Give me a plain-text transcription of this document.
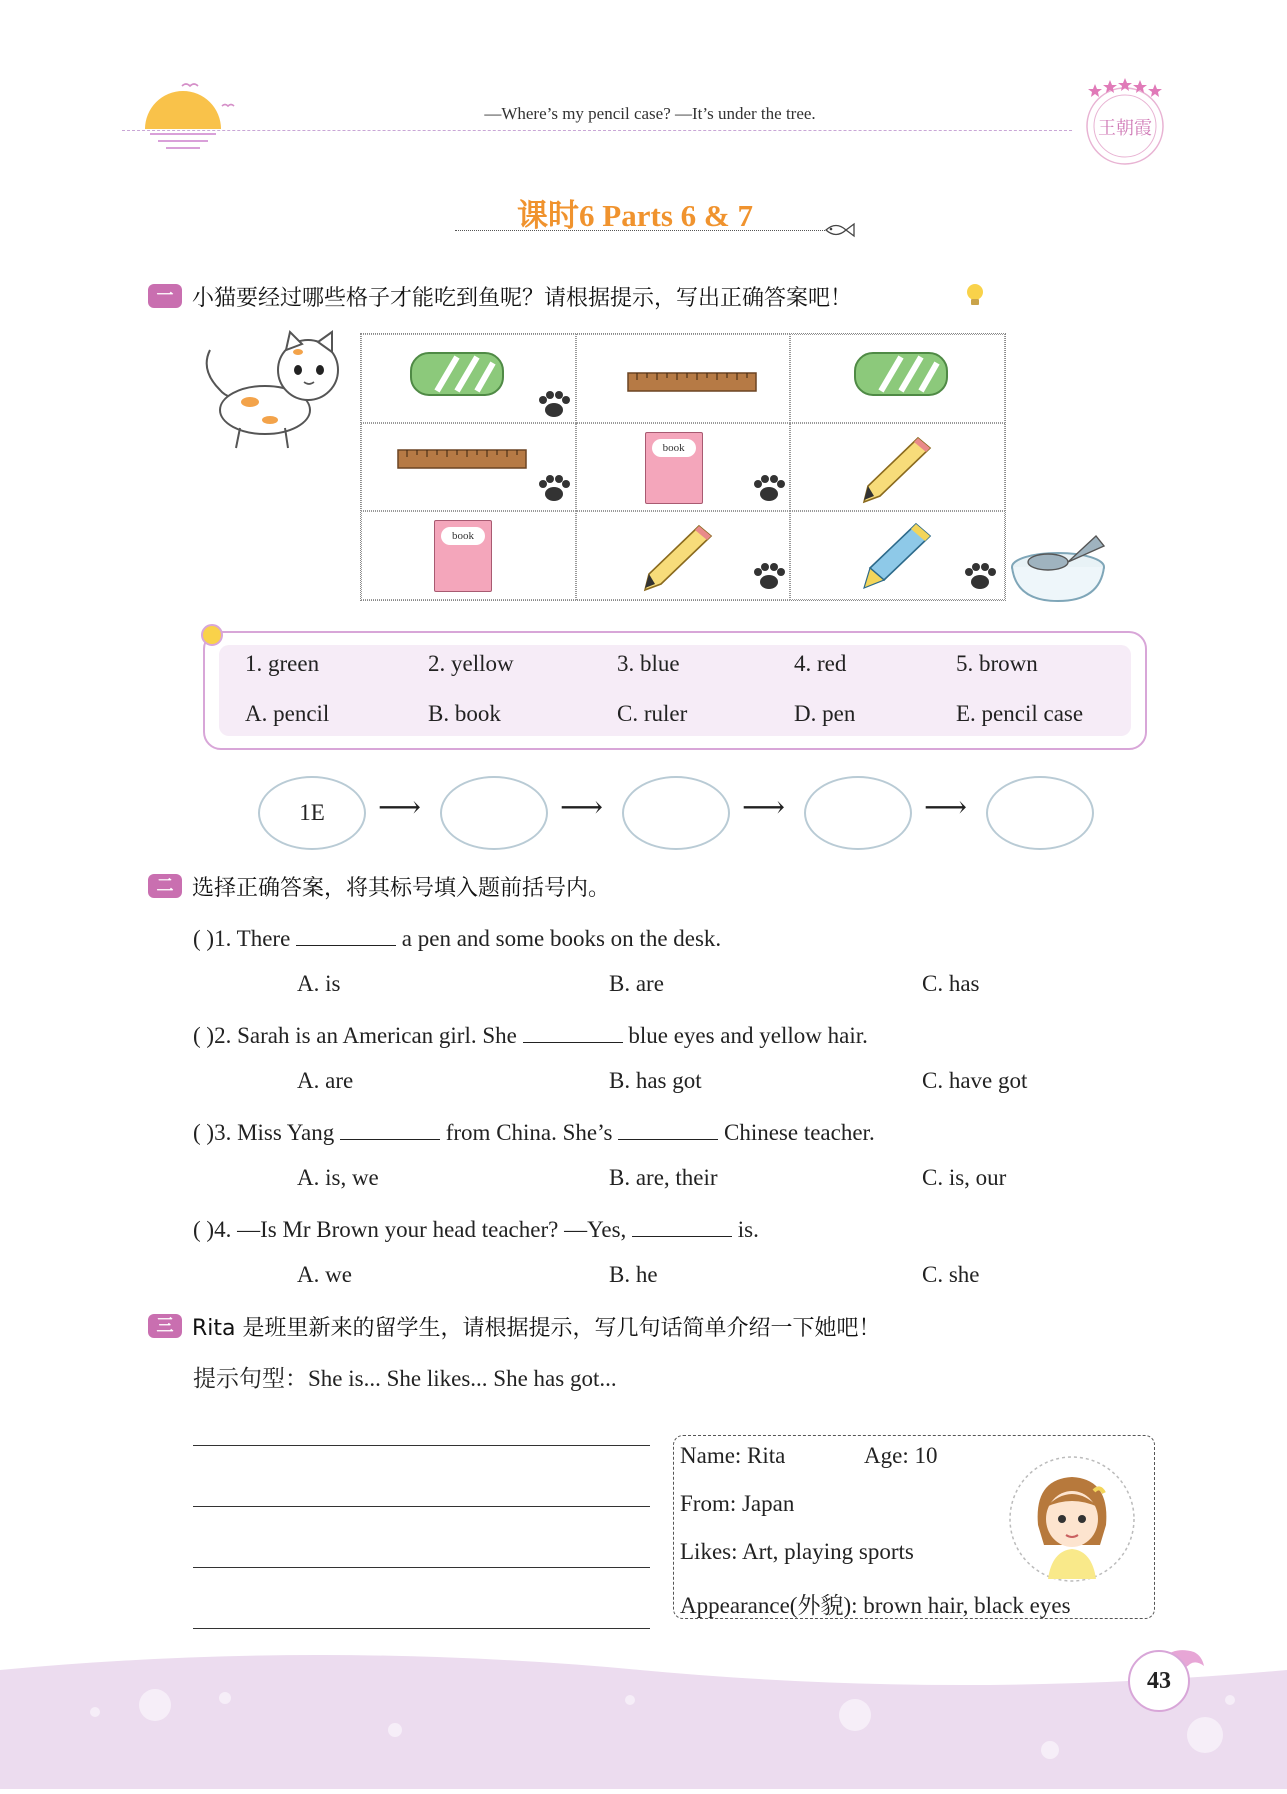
—Where’s my pencil case? —It’s under the tree.
王朝霞
课时6 Parts 6 & 7
一 小猫要经过哪些格子才能吃到鱼呢？请根据提示，写出正确答案吧！
book
book
1. green	2. yellow	3. blue	4. red	5. brown
A. pencil	B. book	C. ruler	D. pen	E. pencil case
1E	⟶	⟶	⟶	⟶
二 选择正确答案，将其标号填入题前括号内。
( )1. There	a pen and some books on the desk.
A. is	B. are	C. has
( )2. Sarah is an American girl. She	blue eyes and yellow hair.
A. are	B. has got	C. have got
( )3. Miss Yang	from China. She’s	Chinese teacher.
A. is, we	B. are, their	C. is, our
( )4. —Is Mr Brown your head teacher? —Yes,	is.
A. we	B. he	C. she
三 Rita 是班里新来的留学生，请根据提示，写几句话简单介绍一下她吧！
提示句型：She is... She likes... She has got...
Name: Rita	Age: 10
From: Japan
Likes: Art, playing sports
Appearance(外貌): brown hair, black eyes
43
